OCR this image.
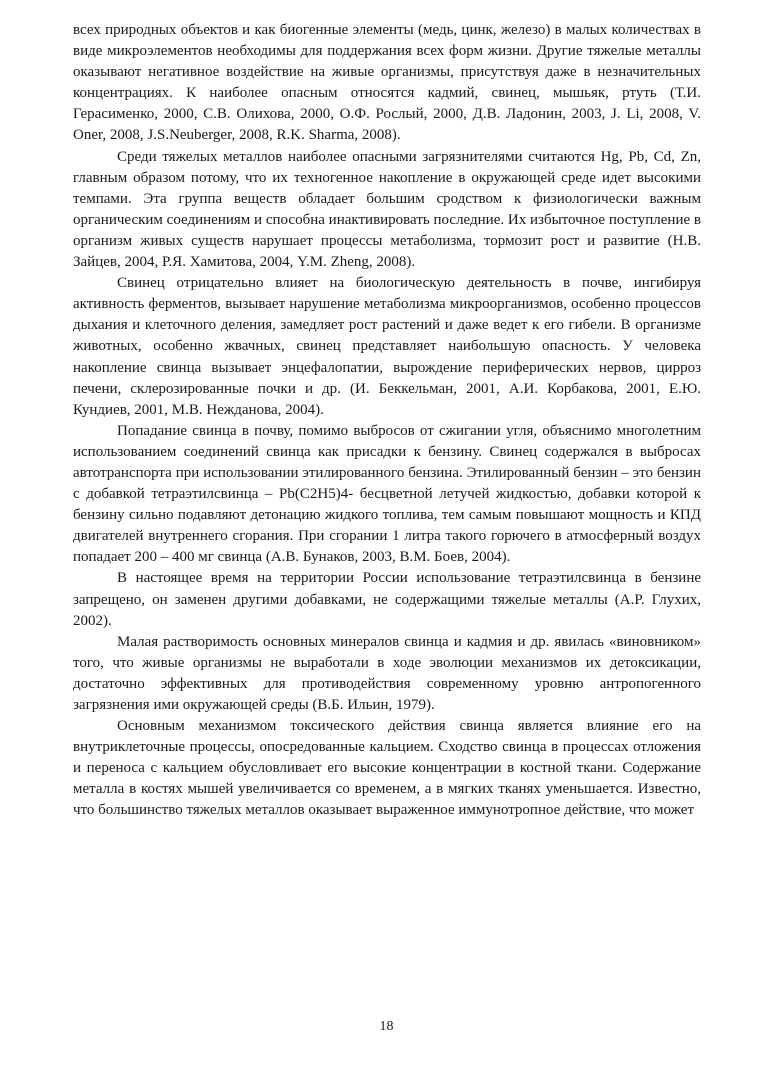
всех природных объектов и как биогенные элементы (медь, цинк, железо) в малых количествах в виде микроэлементов необходимы для поддержания всех форм жизни. Другие тяжелые металлы оказывают негативное воздействие на живые организмы, присутствуя даже в незначительных концентрациях. К наиболее опасным относятся кадмий, свинец, мышьяк, ртуть (Т.И. Герасименко, 2000, С.В. Олихова, 2000, О.Ф. Рослый, 2000, Д.В. Ладонин, 2003, J. Li, 2008, V. Oner, 2008, J.S.Neuberger, 2008, R.K. Sharma, 2008).

Среди тяжелых металлов наиболее опасными загрязнителями считаются Hg, Pb, Cd, Zn, главным образом потому, что их техногенное накопление в окружающей среде идет высокими темпами. Эта группа веществ обладает большим сродством к физиологически важным органическим соединениям и способна инактивировать последние. Их избыточное поступление в организм живых существ нарушает процессы метаболизма, тормозит рост и развитие (Н.В. Зайцев, 2004, Р.Я. Хамитова, 2004, Y.M. Zheng, 2008).

Свинец отрицательно влияет на биологическую деятельность в почве, ингибируя активность ферментов, вызывает нарушение метаболизма микроорганизмов, особенно процессов дыхания и клеточного деления, замедляет рост растений и даже ведет к его гибели. В организме животных, особенно жвачных, свинец представляет наибольшую опасность. У человека накопление свинца вызывает энцефалопатии, вырождение периферических нервов, цирроз печени, склерозированные почки и др. (И. Беккельман, 2001, А.И. Корбакова, 2001, Е.Ю. Кундиев, 2001, М.В. Нежданова, 2004).

Попадание свинца в почву, помимо выбросов от сжигании угля, объяснимо многолетним использованием соединений свинца как присадки к бензину. Свинец содержался в выбросах автотранспорта при использовании этилированного бензина. Этилированный бензин – это бензин с добавкой тетраэтилсвинца – Pb(C2H5)4- бесцветной летучей жидкостью, добавки которой к бензину сильно подавляют детонацию жидкого топлива, тем самым повышают мощность и КПД двигателей внутреннего сгорания. При сгорании 1 литра такого горючего в атмосферный воздух попадает 200 – 400 мг свинца (А.В. Бунаков, 2003, В.М. Боев, 2004).

В настоящее время на территории России использование тетраэтилсвинца в бензине запрещено, он заменен другими добавками, не содержащими тяжелые металлы (А.Р. Глухих, 2002).

Малая растворимость основных минералов свинца и кадмия и др. явилась «виновником» того, что живые организмы не выработали в ходе эволюции механизмов их детоксикации, достаточно эффективных для противодействия современному уровню антропогенного загрязнения ими окружающей среды (В.Б. Ильин, 1979).

Основным механизмом токсического действия свинца является влияние его на внутриклеточные процессы, опосредованные кальцием. Сходство свинца в процессах отложения и переноса с кальцием обусловливает его высокие концентрации в костной ткани. Содержание металла в костях мышей увеличивается со временем, а в мягких тканях уменьшается. Известно, что большинство тяжелых металлов оказывает выраженное иммунотропное действие, что может

18
